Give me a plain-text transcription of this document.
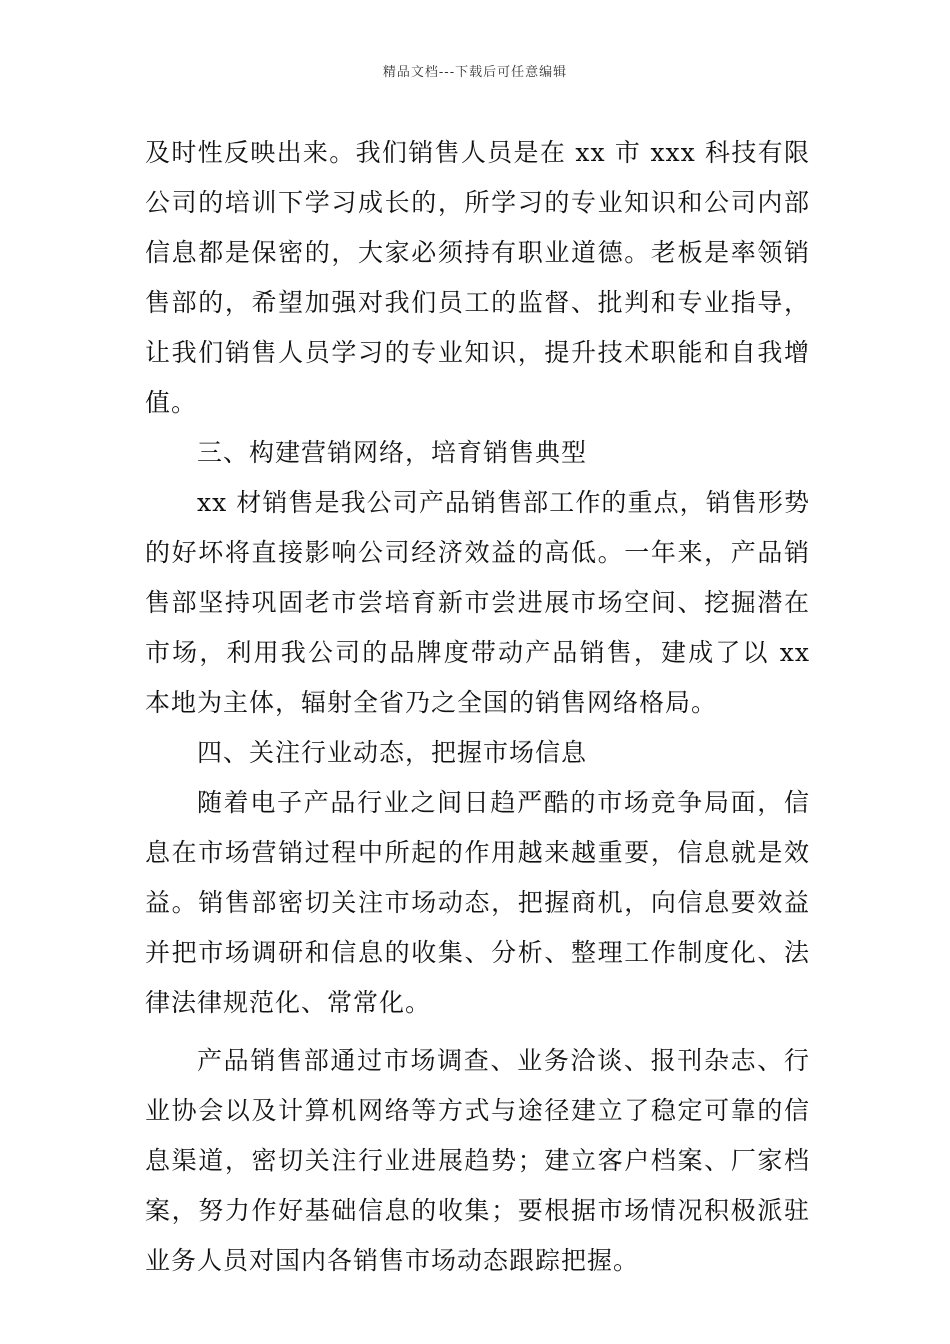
精品文档---下载后可任意编辑

及时性反映出来。我们销售人员是在 xx 市 xxx 科技有限公司的培训下学习成长的，所学习的专业知识和公司内部信息都是保密的，大家必须持有职业道德。老板是率领销售部的，希望加强对我们员工的监督、批判和专业指导，让我们销售人员学习的专业知识，提升技术职能和自我增值。

三、构建营销网络，培育销售典型

xx 材销售是我公司产品销售部工作的重点，销售形势的好坏将直接影响公司经济效益的高低。一年来，产品销售部坚持巩固老市尝培育新市尝进展市场空间、挖掘潜在市场，利用我公司的品牌度带动产品销售，建成了以 xx 本地为主体，辐射全省乃之全国的销售网络格局。

四、关注行业动态，把握市场信息

随着电子产品行业之间日趋严酷的市场竞争局面，信息在市场营销过程中所起的作用越来越重要，信息就是效益。销售部密切关注市场动态，把握商机，向信息要效益并把市场调研和信息的收集、分析、整理工作制度化、法律法律规范化、常常化。

产品销售部通过市场调查、业务洽谈、报刊杂志、行业协会以及计算机网络等方式与途径建立了稳定可靠的信息渠道，密切关注行业进展趋势；建立客户档案、厂家档案，努力作好基础信息的收集；要根据市场情况积极派驻业务人员对国内各销售市场动态跟踪把握。
